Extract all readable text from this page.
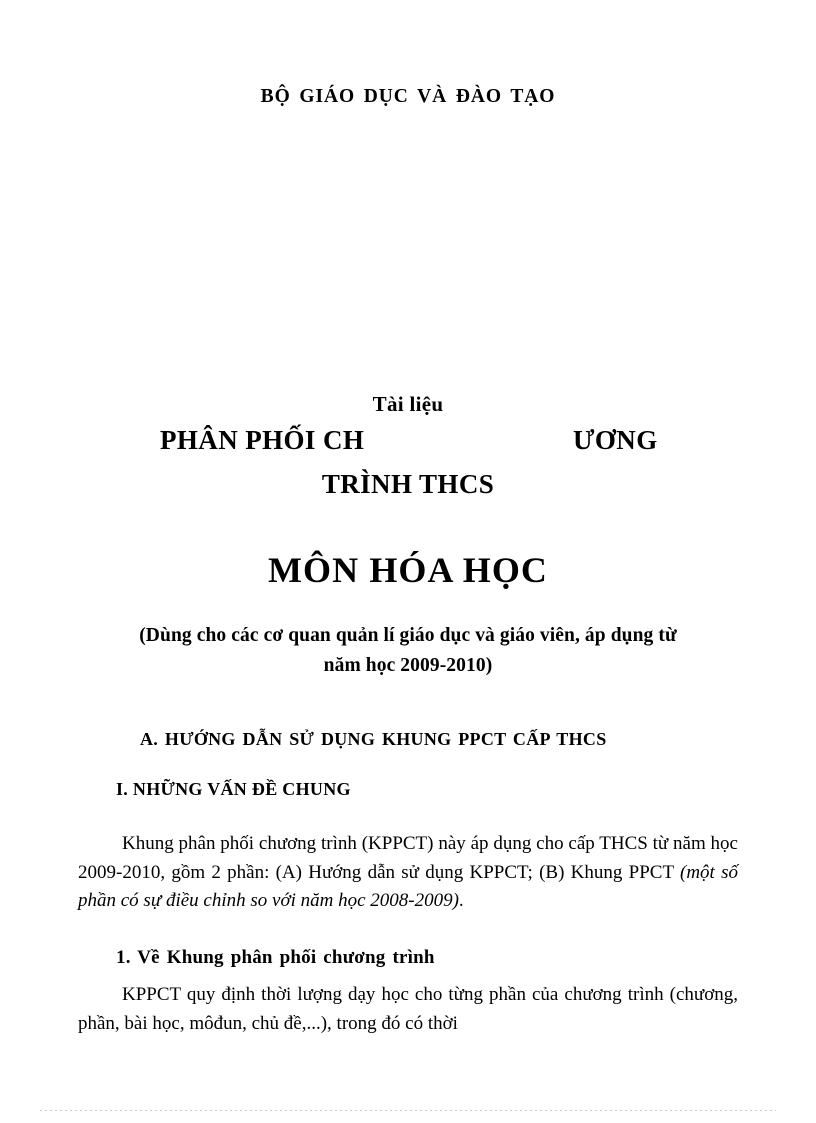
BỘ GIÁO DỤC VÀ ĐÀO TẠO
Tài liệu
PHÂN PHỐI CH	ƯƠNG
TRÌNH THCS
MÔN HÓA HỌC
(Dùng cho các cơ quan quản lí giáo dục và giáo viên, áp dụng từ năm học 2009-2010)
A. HƯỚNG DẪN SỬ DỤNG KHUNG PPCT CẤP THCS
I. NHỮNG VẤN ĐỀ CHUNG

Khung phân phối chương trình (KPPCT) này áp dụng cho cấp THCS từ năm học 2009-2010, gồm 2 phần: (A) Hướng dẫn sử dụng KPPCT; (B) Khung PPCT (một số phần có sự điều chỉnh so với năm học 2008-2009).

1. Về Khung phân phối chương trình

KPPCT quy định thời lượng dạy học cho từng phần của chương trình (chương, phần, bài học, môđun, chủ đề,...), trong đó có thời
